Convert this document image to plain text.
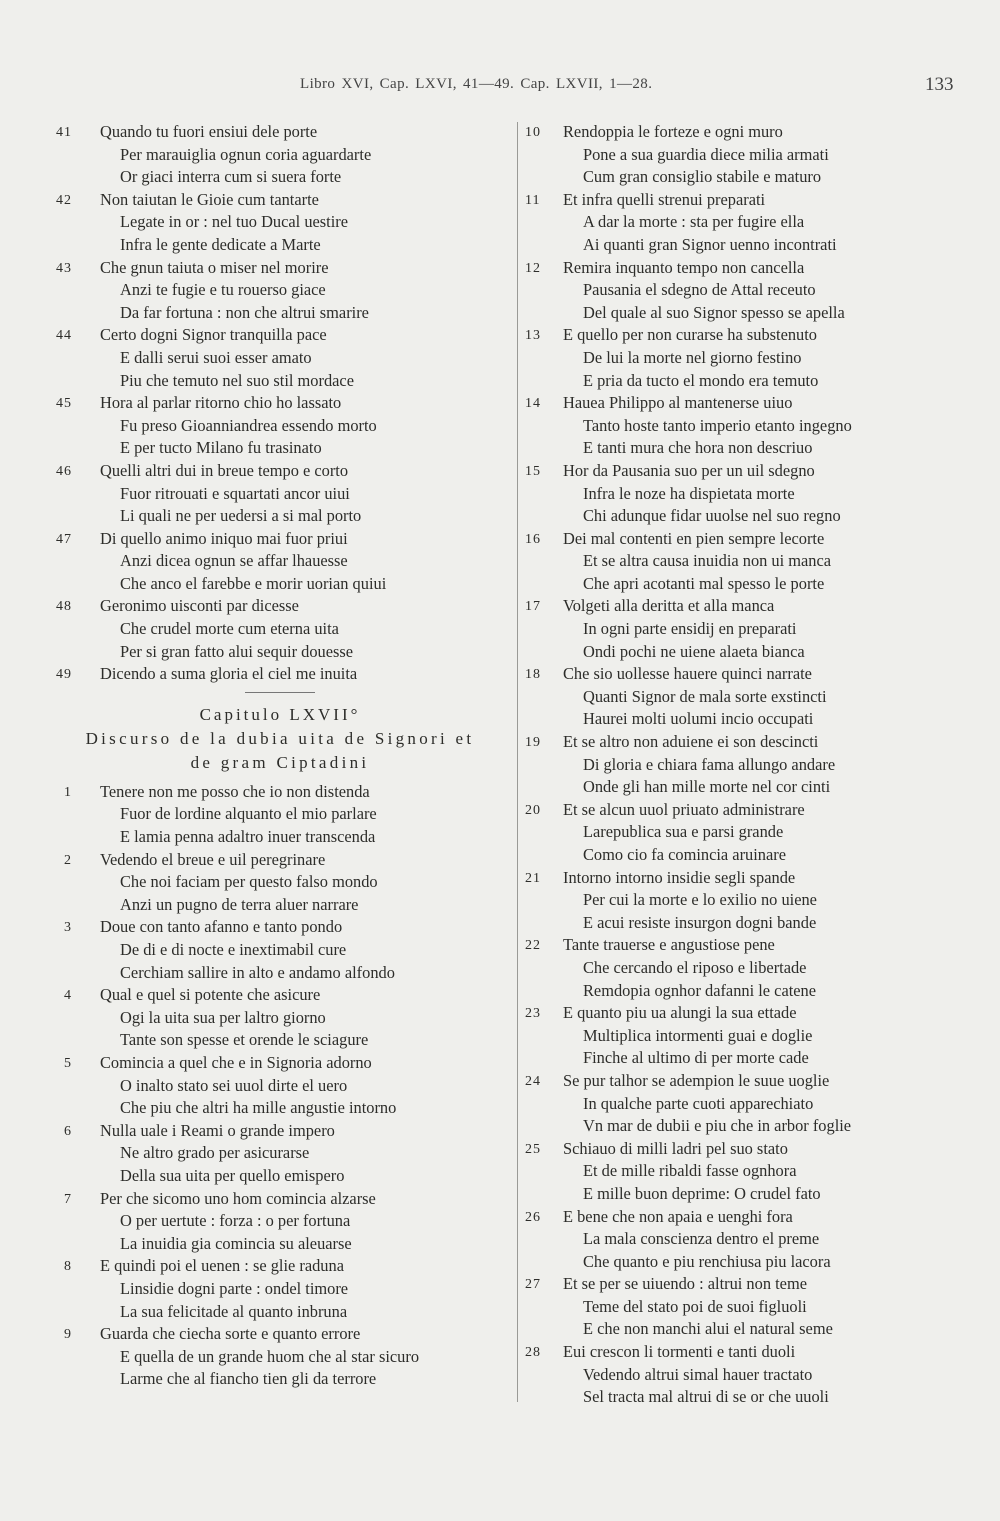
Libro XVI, Cap. LXVI, 41—49. Cap. LXVII, 1—28.	133
41 Quando tu fuori ensiui dele porte
Per marauiglia ognun coria aguardarte
Or giaci interra cum si suera forte
42 Non taiutan le Gioie cum tantarte
Legate in or : nel tuo Ducal uestire
Infra le gente dedicate a Marte
43 Che gnun taiuta o miser nel morire
Anzi te fugie e tu rouerso giace
Da far fortuna : non che altrui smarire
44 Certo dogni Signor tranquilla pace
E dalli serui suoi esser amato
Piu che temuto nel suo stil mordace
45 Hora al parlar ritorno chio ho lassato
Fu preso Gioanniandrea essendo morto
E per tucto Milano fu trasinato
46 Quelli altri dui in breue tempo e corto
Fuor ritrouati e squartati ancor uiui
Li quali ne per uedersi a si mal porto
47 Di quello animo iniquo mai fuor priui
Anzi dicea ognun se affar lhauesse
Che anco el farebbe e morir uorian quiui
48 Geronimo uisconti par dicesse
Che crudel morte cum eterna uita
Per si gran fatto alui sequir douesse
49 Dicendo a suma gloria el ciel me inuita
Capitulo LXVII°
Discurso de la dubia uita de Signori et
de gram Ciptadini
1 Tenere non me posso che io non distenda
Fuor de lordine alquanto el mio parlare
E lamia penna adaltro inuer transcenda
2 Vedendo el breue e uil peregrinare
Che noi faciam per questo falso mondo
Anzi un pugno de terra aluer narrare
3 Doue con tanto afanno e tanto pondo
De di e di nocte e inextimabil cure
Cerchiam sallire in alto e andamo alfondo
4 Qual e quel si potente che asicure
Ogi la uita sua per laltro giorno
Tante son spesse et orende le sciagure
5 Comincia a quel che e in Signoria adorno
O inalto stato sei uuol dirte el uero
Che piu che altri ha mille angustie intorno
6 Nulla uale i Reami o grande impero
Ne altro grado per asicurarse
Della sua uita per quello emispero
7 Per che sicomo uno hom comincia alzarse
O per uertute : forza : o per fortuna
La inuidia gia comincia su aleuarse
8 E quindi poi el uenen : se glie raduna
Linsidie dogni parte : ondel timore
La sua felicitade al quanto inbruna
9 Guarda che ciecha sorte e quanto errore
E quella de un grande huom che al star sicuro
Larme che al fiancho tien gli da terrore
10 Rendoppia le forteze e ogni muro
Pone a sua guardia diece milia armati
Cum gran consiglio stabile e maturo
11 Et infra quelli strenui preparati
A dar la morte : sta per fugire ella
Ai quanti gran Signor uenno incontrati
12 Remira inquanto tempo non cancella
Pausania el sdegno de Attal receuto
Del quale al suo Signor spesso se apella
13 E quello per non curarse ha substenuto
De lui la morte nel giorno festino
E pria da tucto el mondo era temuto
14 Hauea Philippo al mantenerse uiuo
Tanto hoste tanto imperio etanto ingegno
E tanti mura che hora non descriuo
15 Hor da Pausania suo per un uil sdegno
Infra le noze ha dispietata morte
Chi adunque fidar uuolse nel suo regno
16 Dei mal contenti en pien sempre lecorte
Et se altra causa inuidia non ui manca
Che apri acotanti mal spesso le porte
17 Volgeti alla deritta et alla manca
In ogni parte ensidij en preparati
Ondi pochi ne uiene alaeta bianca
18 Che sio uollesse hauere quinci narrate
Quanti Signor de mala sorte exstincti
Haurei molti uolumi incio occupati
19 Et se altro non aduiene ei son descincti
Di gloria e chiara fama allungo andare
Onde gli han mille morte nel cor cinti
20 Et se alcun uuol priuato administrare
Larepublica sua e parsi grande
Como cio fa comincia aruinare
21 Intorno intorno insidie segli spande
Per cui la morte e lo exilio no uiene
E acui resiste insurgon dogni bande
22 Tante trauerse e angustiose pene
Che cercando el riposo e libertade
Remdopia ognhor dafanni le catene
23 E quanto piu ua alungi la sua ettade
Multiplica intormenti guai e doglie
Finche al ultimo di per morte cade
24 Se pur talhor se adempion le suue uoglie
In qualche parte cuoti apparechiato
Vn mar de dubii e piu che in arbor foglie
25 Schiauo di milli ladri pel suo stato
Et de mille ribaldi fasse ognhora
E mille buon deprime: O crudel fato
26 E bene che non apaia e uenghi fora
La mala conscienza dentro el preme
Che quanto e piu renchiusa piu lacora
27 Et se per se uiuendo : altrui non teme
Teme del stato poi de suoi figluoli
E che non manchi alui el natural seme
28 Eui crescon li tormenti e tanti duoli
Vedendo altrui simal hauer tractato
Sel tracta mal altrui di se or che uuoli
